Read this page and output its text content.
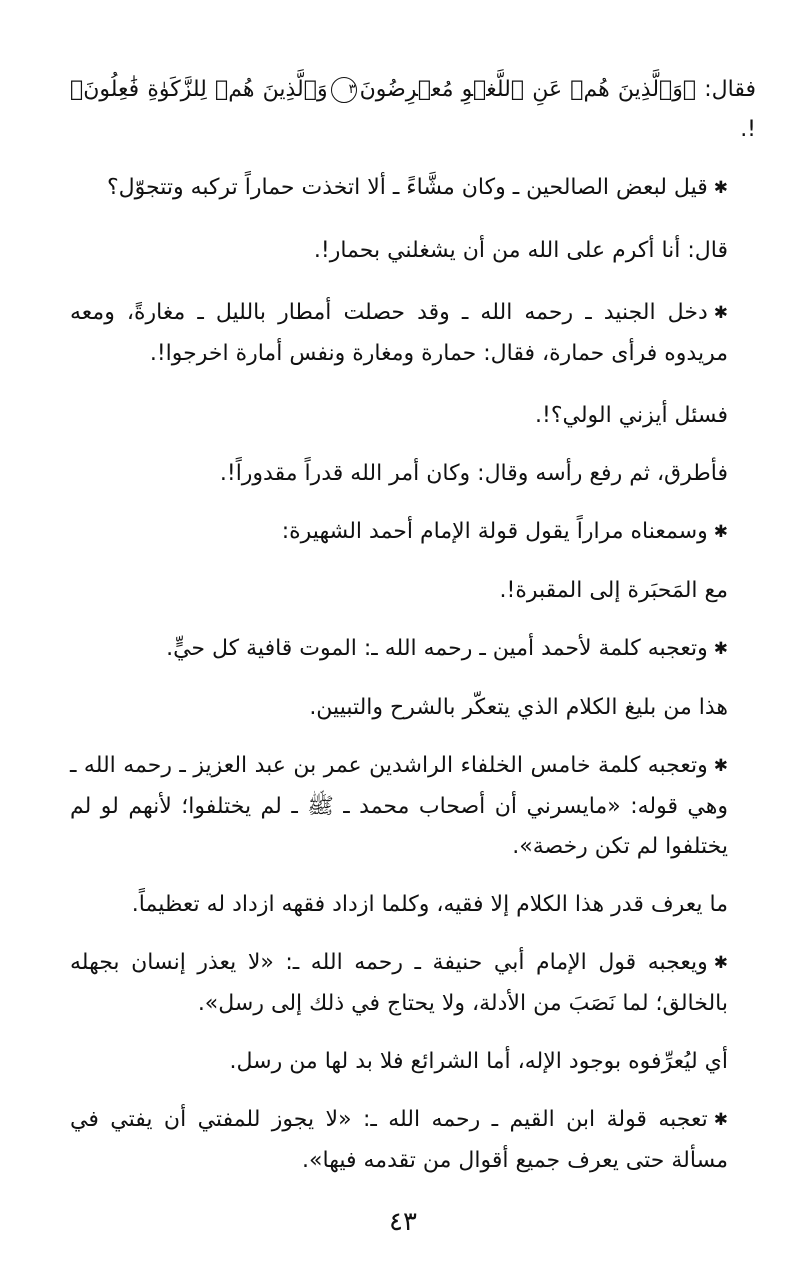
فقال: ﴿وَٱلَّذِينَ هُمۡ عَنِ ٱللَّغۡوِ مُعۡرِضُونَ٣وَٱلَّذِينَ هُمۡ لِلزَّكَوٰةِ فَٰعِلُونَ﴾ !.

✱قيل لبعض الصالحين ـ وكان مشَّاءً ـ ألا اتخذت حماراً تركبه وتتجوّل؟

قال: أنا أكرم على الله من أن يشغلني بحمار!.

✱دخل الجنيد ـ رحمه الله ـ وقد حصلت أمطار بالليل ـ مغارةً، ومعه مريدوه فرأى حمارة، فقال: حمارة ومغارة ونفس أمارة اخرجوا!.

فسئل أيزني الولي؟!.

فأطرق، ثم رفع رأسه وقال: وكان أمر الله قدراً مقدوراً!.

✱وسمعناه مراراً يقول قولة الإمام أحمد الشهيرة:

مع المَحبَرة إلى المقبرة!.

✱وتعجبه كلمة لأحمد أمين ـ رحمه الله ـ: الموت قافية كل حيٍّ.

هذا من بليغ الكلام الذي يتعكّر بالشرح والتبيين.

✱وتعجبه كلمة خامس الخلفاء الراشدين عمر بن عبد العزيز ـ رحمه الله ـ وهي قوله: «مايسرني أن أصحاب محمد ـ ﷺ ـ لم يختلفوا؛ لأنهم لو لم يختلفوا لم تكن رخصة».

ما يعرف قدر هذا الكلام إلا فقيه، وكلما ازداد فقهه ازداد له تعظيماً.

✱ويعجبه قول الإمام أبي حنيفة ـ رحمه الله ـ: «لا يعذر إنسان بجهله بالخالق؛ لما نَصَبَ من الأدلة، ولا يحتاج في ذلك إلى رسل».

أي ليُعرِّفوه بوجود الإله، أما الشرائع فلا بد لها من رسل.

✱تعجبه قولة ابن القيم ـ رحمه الله ـ: «لا يجوز للمفتي أن يفتي في مسألة حتى يعرف جميع أقوال من تقدمه فيها».

٤٣
